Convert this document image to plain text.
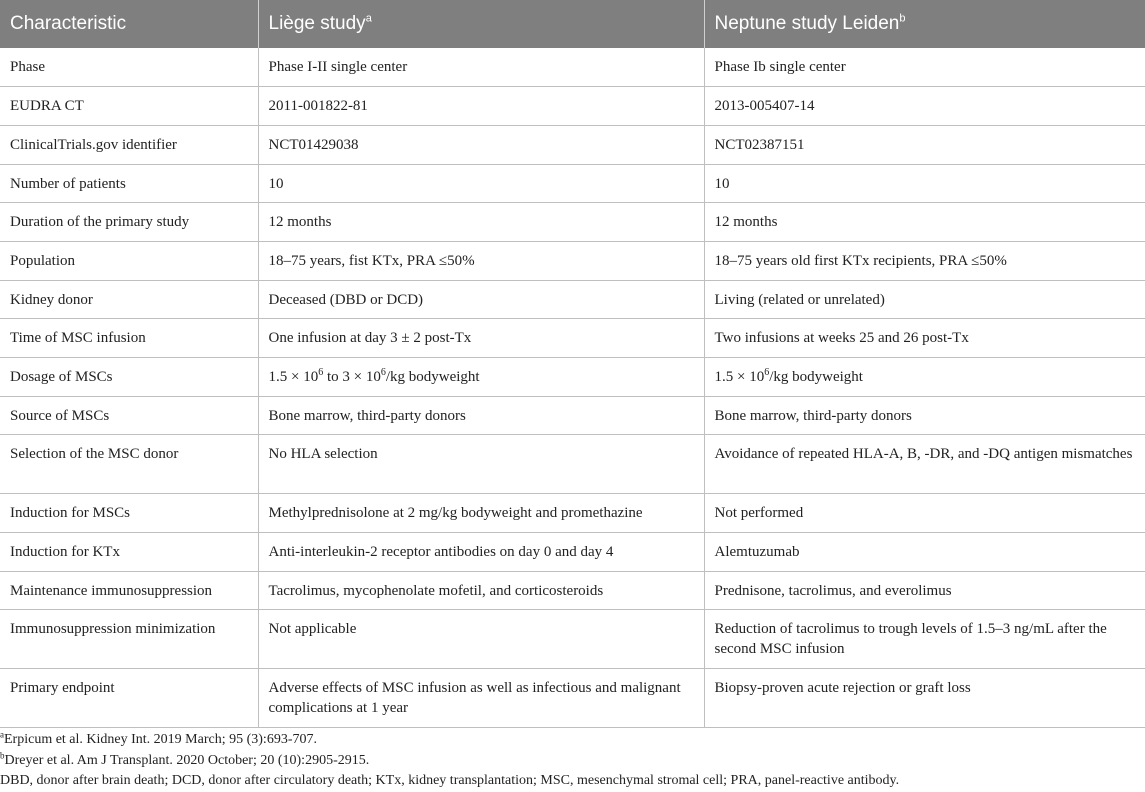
Characteristic	Liège study$^a$	Neptune study Leiden$^b$
Phase	Phase I-II single center	Phase Ib single center
EUDRA CT	2011-001822-81	2013-005407-14
ClinicalTrials.gov identifier	NCT01429038	NCT02387151
Number of patients	10	10
Duration of the primary study	12 months	12 months
Population	18–75 years, fist KTx, PRA ≤50%	18–75 years old first KTx recipients, PRA ≤50%
Kidney donor	Deceased (DBD or DCD)	Living (related or unrelated)
Time of MSC infusion	One infusion at day 3 ± 2 post-Tx	Two infusions at weeks 25 and 26 post-Tx
Dosage of MSCs	$1.5 \times 10^6$ to $3 \times 10^6/kg$ bodyweight	$1.5 \times 10^6/kg$ bodyweight
Source of MSCs	Bone marrow, third-party donors	Bone marrow, third-party donors
Selection of the MSC donor	No HLA selection	Avoidance of repeated HLA-A, B, -DR, and -DQ antigen mismatches
Induction for MSCs	Methylprednisolone at 2 mg/kg bodyweight and promethazine	Not performed
Induction for KTx	Anti-interleukin-2 receptor antibodies on day 0 and day 4	Alemtuzumab
Maintenance immunosuppression	Tacrolimus, mycophenolate mofetil, and corticosteroids	Prednisone, tacrolimus, and everolimus
Immunosuppression minimization	Not applicable	Reduction of tacrolimus to trough levels of 1.5–3 ng/mL after the second MSC infusion
Primary endpoint	Adverse effects of MSC infusion as well as infectious and malignant complications at 1 year	Biopsy-proven acute rejection or graft loss
$^a$Erpicum et al. Kidney Int. 2019 March; 95 (3):693-707.
$^b$Dreyer et al. Am J Transplant. 2020 October; 20 (10):2905-2915.
DBD, donor after brain death; DCD, donor after circulatory death; KTx, kidney transplantation; MSC, mesenchymal stromal cell; PRA, panel-reactive antibody.
